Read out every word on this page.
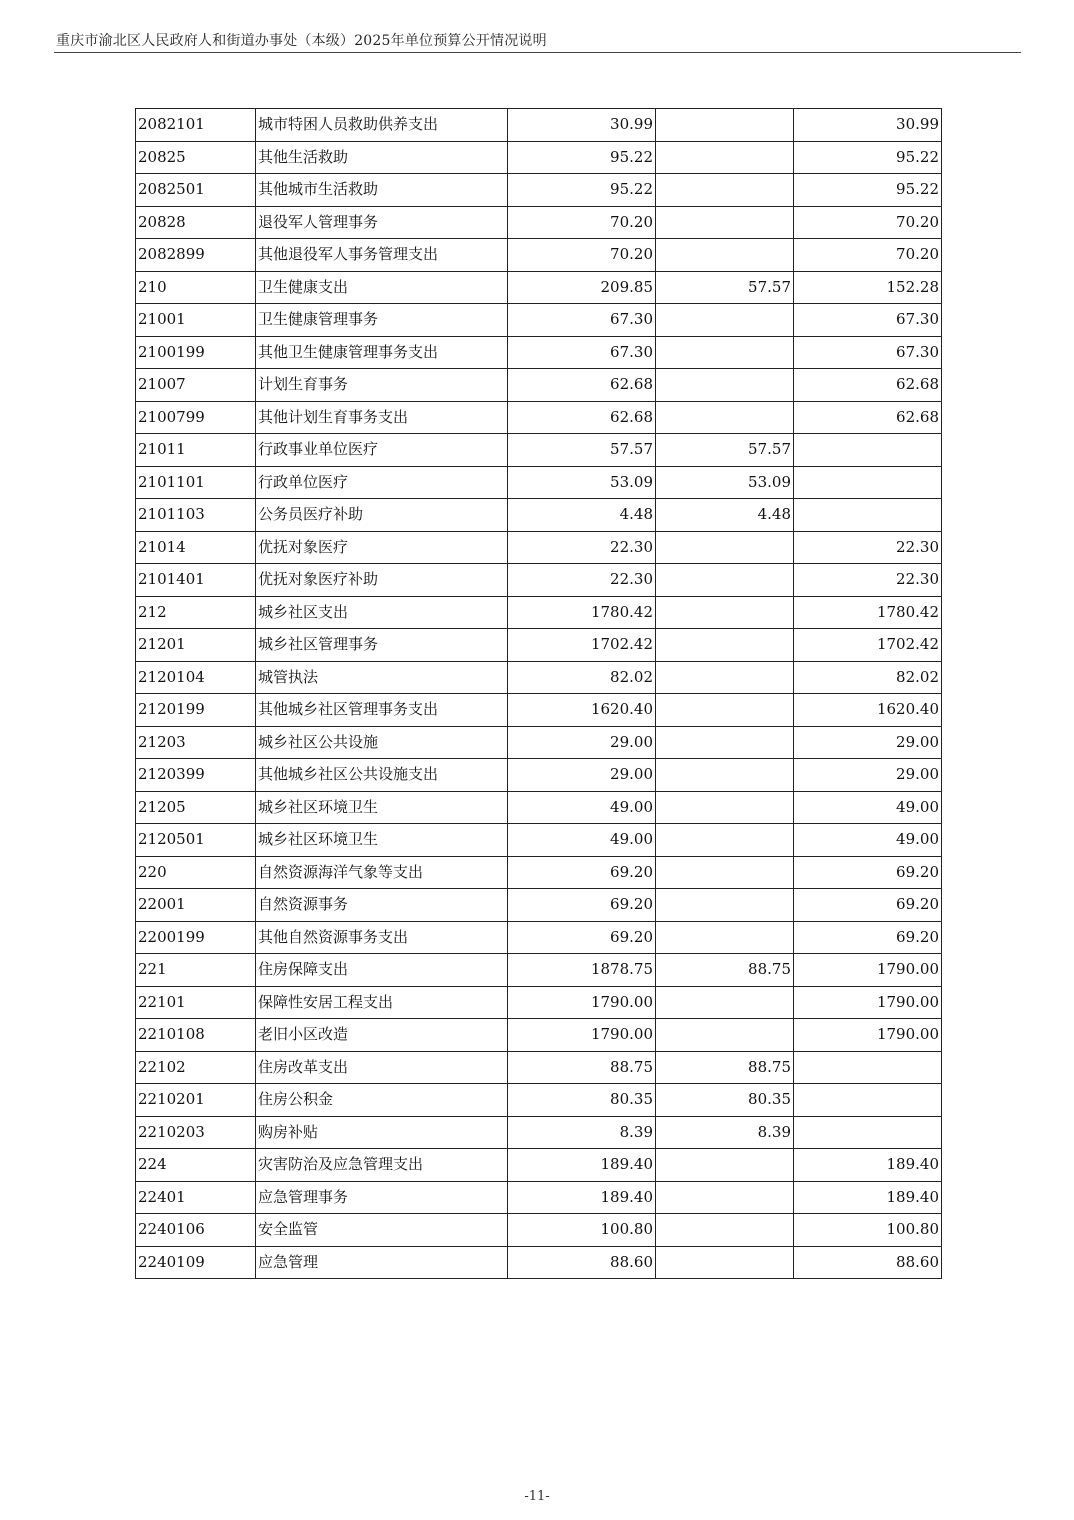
重庆市渝北区人民政府人和街道办事处（本级）2025年单位预算公开情况说明
2082101	城市特困人员救助供养支出	30.99		30.99
20825	其他生活救助	95.22		95.22
2082501	其他城市生活救助	95.22		95.22
20828	退役军人管理事务	70.20		70.20
2082899	其他退役军人事务管理支出	70.20		70.20
210	卫生健康支出	209.85	57.57	152.28
21001	卫生健康管理事务	67.30		67.30
2100199	其他卫生健康管理事务支出	67.30		67.30
21007	计划生育事务	62.68		62.68
2100799	其他计划生育事务支出	62.68		62.68
21011	行政事业单位医疗	57.57	57.57	
2101101	行政单位医疗	53.09	53.09	
2101103	公务员医疗补助	4.48	4.48	
21014	优抚对象医疗	22.30		22.30
2101401	优抚对象医疗补助	22.30		22.30
212	城乡社区支出	1780.42		1780.42
21201	城乡社区管理事务	1702.42		1702.42
2120104	城管执法	82.02		82.02
2120199	其他城乡社区管理事务支出	1620.40		1620.40
21203	城乡社区公共设施	29.00		29.00
2120399	其他城乡社区公共设施支出	29.00		29.00
21205	城乡社区环境卫生	49.00		49.00
2120501	城乡社区环境卫生	49.00		49.00
220	自然资源海洋气象等支出	69.20		69.20
22001	自然资源事务	69.20		69.20
2200199	其他自然资源事务支出	69.20		69.20
221	住房保障支出	1878.75	88.75	1790.00
22101	保障性安居工程支出	1790.00		1790.00
2210108	老旧小区改造	1790.00		1790.00
22102	住房改革支出	88.75	88.75	
2210201	住房公积金	80.35	80.35	
2210203	购房补贴	8.39	8.39	
224	灾害防治及应急管理支出	189.40		189.40
22401	应急管理事务	189.40		189.40
2240106	安全监管	100.80		100.80
2240109	应急管理	88.60		88.60
-11-
